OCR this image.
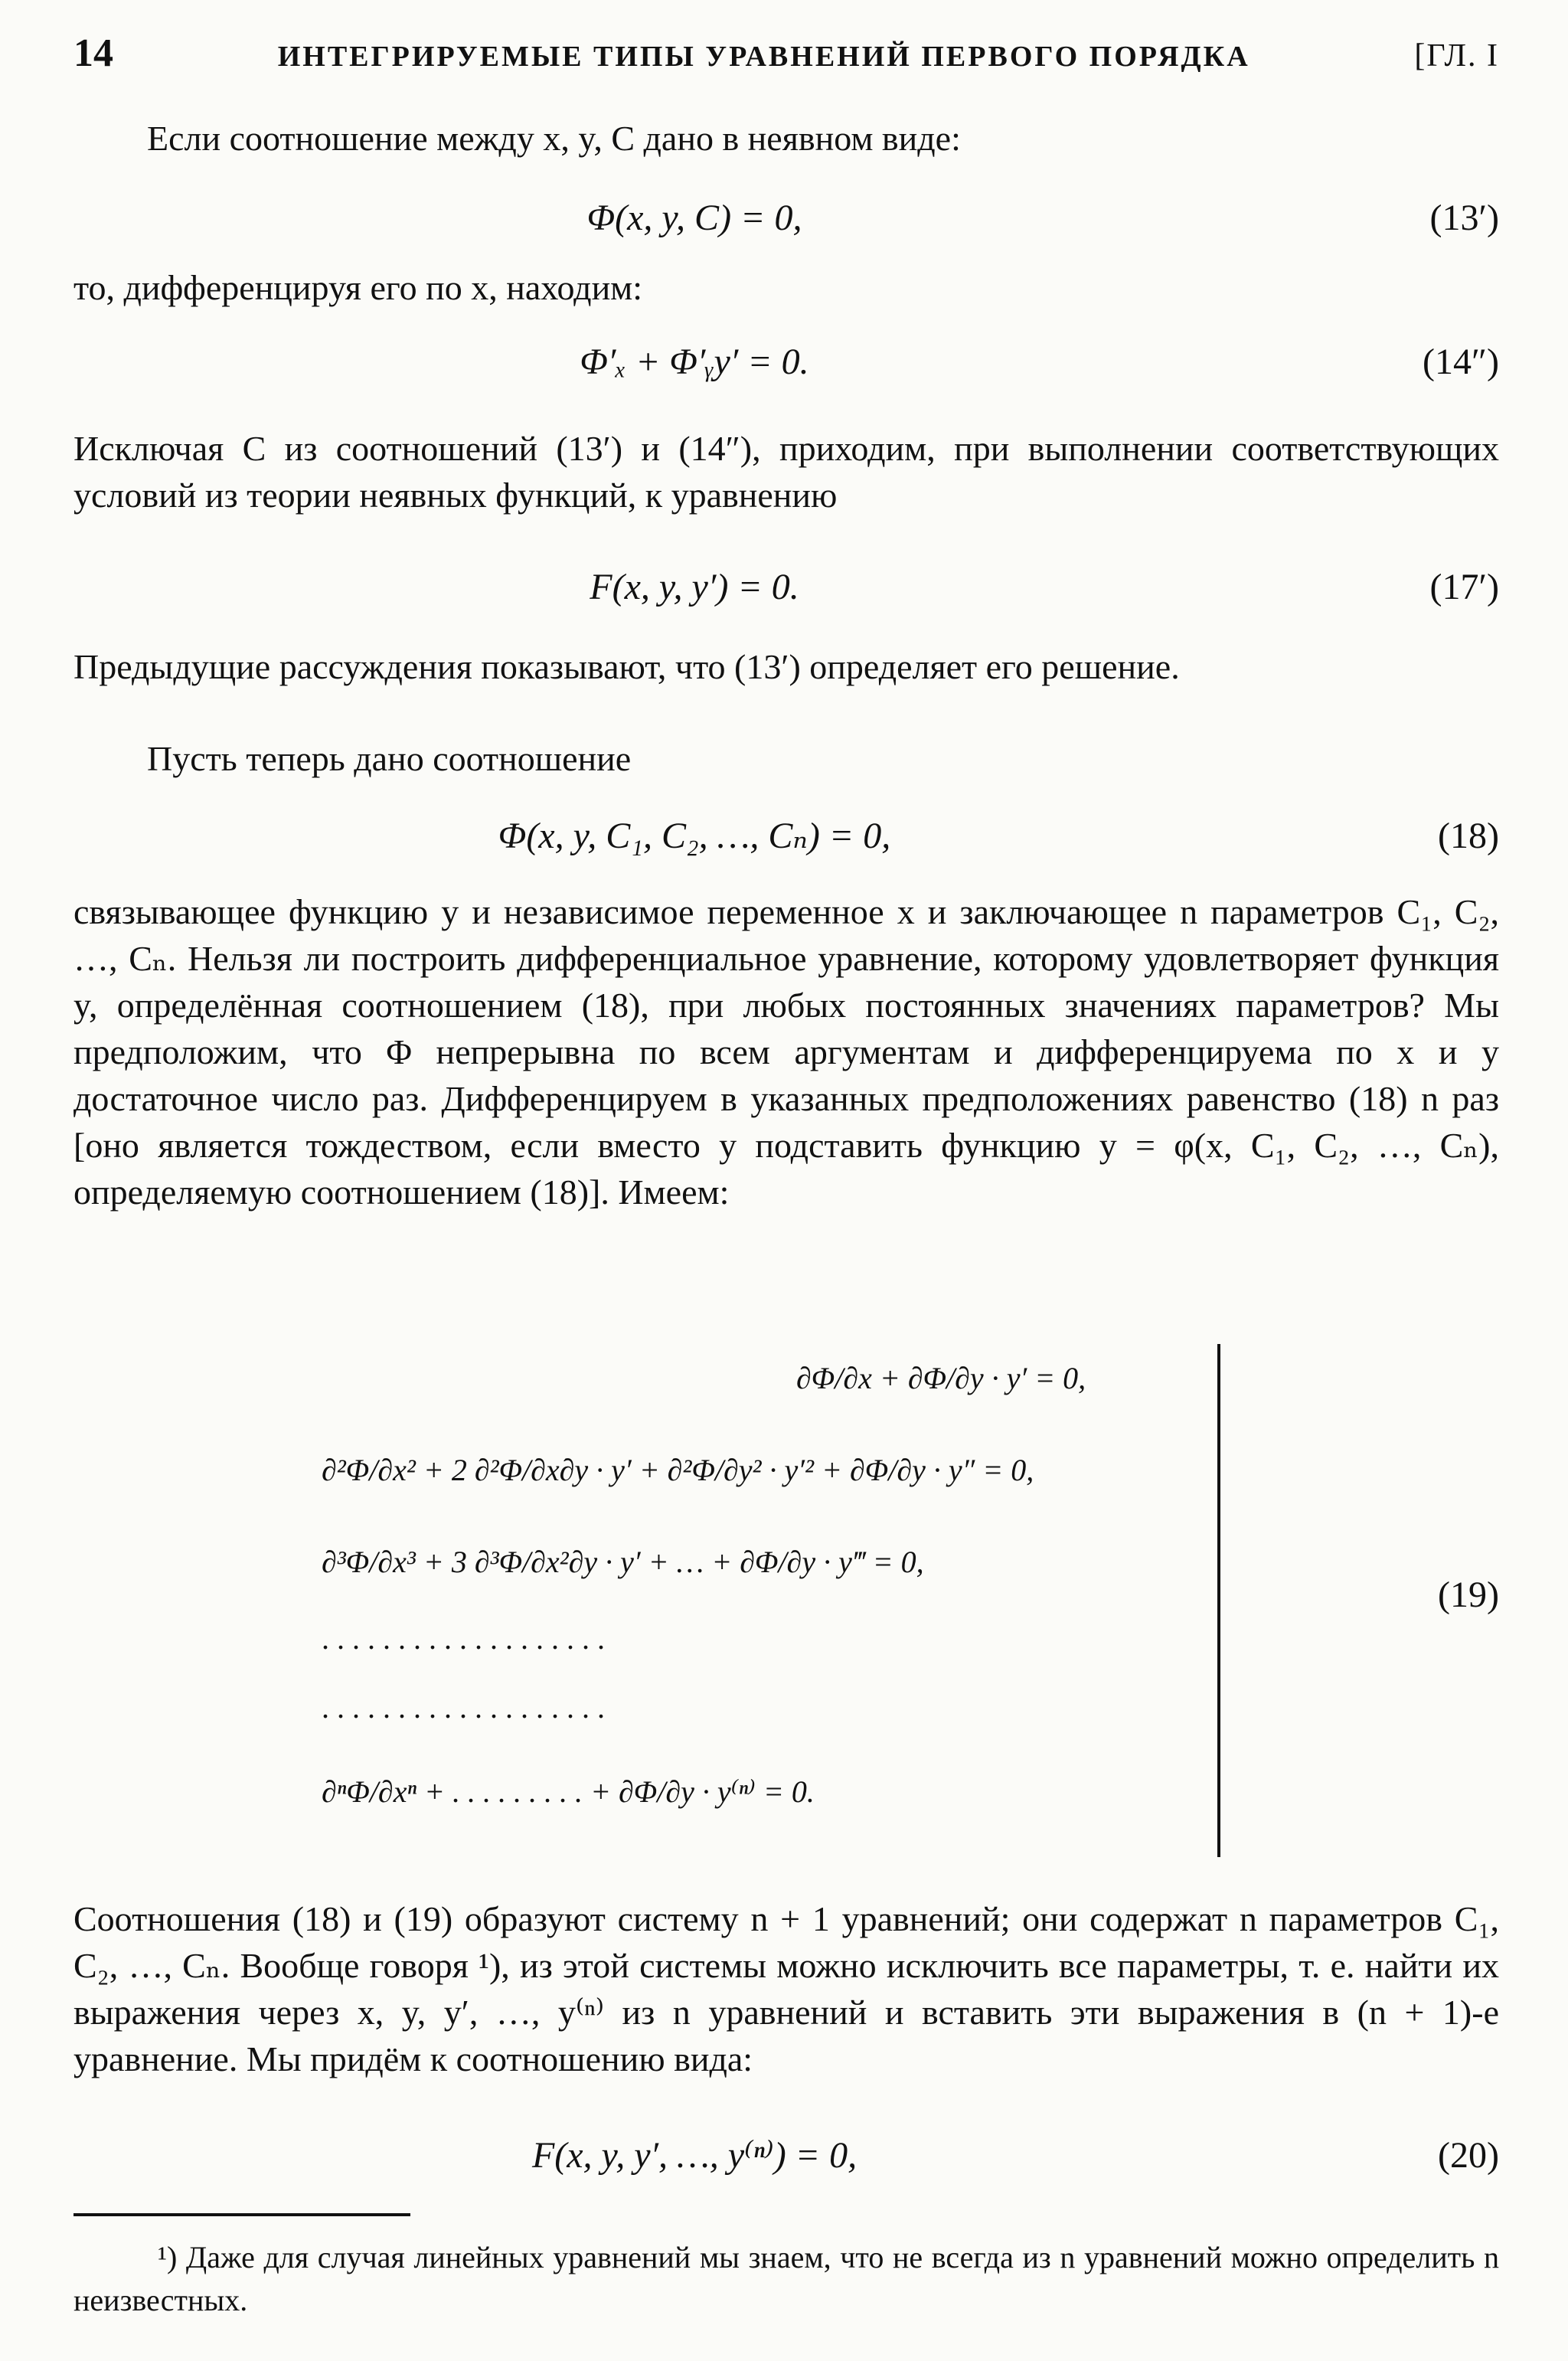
14	ИНТЕГРИРУЕМЫЕ ТИПЫ УРАВНЕНИЙ ПЕРВОГО ПОРЯДКА	[ГЛ. I
Если соотношение между x, y, C дано в неявном виде:
Φ(x, y, C) = 0,	(13′)
то, дифференцируя его по x, находим:
Φ′ₓ + Φ′ᵧy′ = 0.	(14″)
Исключая C из соотношений (13′) и (14″), приходим, при выполнении соответствующих условий из теории неявных функций, к уравнению
F(x, y, y′) = 0.	(17′)
Предыдущие рассуждения показывают, что (13′) определяет его решение.
Пусть теперь дано соотношение
Φ(x, y, C₁, C₂, …, Cₙ) = 0,	(18)
связывающее функцию y и независимое переменное x и заключающее n параметров C₁, C₂, …, Cₙ. Нельзя ли построить дифференциальное уравнение, которому удовлетворяет функция y, определённая соотношением (18), при любых постоянных значениях параметров? Мы предположим, что Φ непрерывна по всем аргументам и дифференцируема по x и y достаточное число раз. Дифференцируем в указанных предположениях равенство (18) n раз [оно является тождеством, если вместо y подставить функцию y = φ(x, C₁, C₂, …, Cₙ), определяемую соотношением (18)]. Имеем:
∂Φ/∂x + ∂Φ/∂y · y′ = 0,
∂²Φ/∂x² + 2 ∂²Φ/∂x∂y · y′ + ∂²Φ/∂y² · y′² + ∂Φ/∂y · y″ = 0,
∂³Φ/∂x³ + 3 ∂³Φ/∂x²∂y · y′ + … + ∂Φ/∂y · y‴ = 0,
. . . . . . . . . . . . . . . . . . .
. . . . . . . . . . . . . . . . . . .
∂ⁿΦ/∂xⁿ + . . . . . . . . . + ∂Φ/∂y · y⁽ⁿ⁾ = 0.
(19)
Соотношения (18) и (19) образуют систему n + 1 уравнений; они содержат n параметров C₁, C₂, …, Cₙ. Вообще говоря ¹), из этой системы можно исключить все параметры, т. е. найти их выражения через x, y, y′, …, y⁽ⁿ⁾ из n уравнений и вставить эти выражения в (n + 1)-е уравнение. Мы придём к соотношению вида:
F(x, y, y′, …, y⁽ⁿ⁾) = 0,	(20)
¹) Даже для случая линейных уравнений мы знаем, что не всегда из n уравнений можно определить n неизвестных.
